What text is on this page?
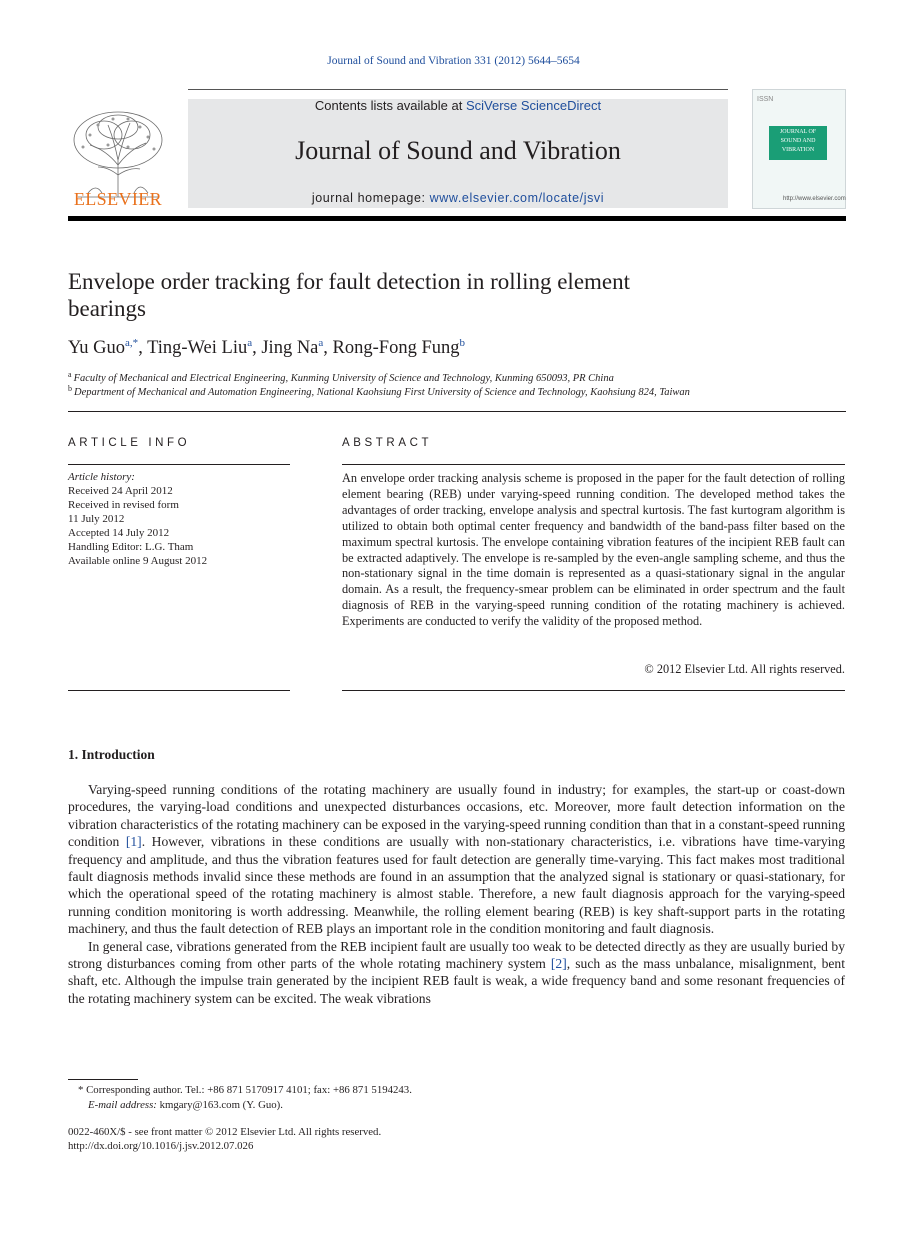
Journal of Sound and Vibration 331 (2012) 5644–5654
Contents lists available at SciVerse ScienceDirect
Journal of Sound and Vibration
journal homepage: www.elsevier.com/locate/jsvi
ELSEVIER
ISSN
JOURNAL OF
SOUND AND
VIBRATION
http://www.elsevier.com
Envelope order tracking for fault detection in rolling element bearings
Yu Guo$^{a,*}$, Ting-Wei Liu$^a$, Jing Na$^a$, Rong-Fong Fung$^b$
$^a$ Faculty of Mechanical and Electrical Engineering, Kunming University of Science and Technology, Kunming 650093, PR China
$^b$ Department of Mechanical and Automation Engineering, National Kaohsiung First University of Science and Technology, Kaohsiung 824, Taiwan
ARTICLE INFO
Article history:
Received 24 April 2012
Received in revised form
11 July 2012
Accepted 14 July 2012
Handling Editor: L.G. Tham
Available online 9 August 2012
ABSTRACT
An envelope order tracking analysis scheme is proposed in the paper for the fault detection of rolling element bearing (REB) under varying-speed running condition. The developed method takes the advantages of order tracking, envelope analysis and spectral kurtosis. The fast kurtogram algorithm is utilized to obtain both optimal center frequency and bandwidth of the band-pass filter based on the maximum spectral kurtosis. The envelope containing vibration features of the incipient REB fault can be extracted adaptively. The envelope is re-sampled by the even-angle sampling scheme, and thus the non-stationary signal in the time domain is represented as a quasi-stationary signal in the angular domain. As a result, the frequency-smear problem can be eliminated in order spectrum and the fault diagnosis of REB in the varying-speed running condition of the rotating machinery is achieved. Experiments are conducted to verify the validity of the proposed method.
© 2012 Elsevier Ltd. All rights reserved.
1. Introduction

Varying-speed running conditions of the rotating machinery are usually found in industry; for examples, the start-up or coast-down procedures, the varying-load conditions and unexpected disturbances occasions, etc. Moreover, more fault detection information on the vibration characteristics of the rotating machinery can be exposed in the varying-speed running condition than that in a constant-speed running condition [1]. However, vibrations in these conditions are usually with non-stationary characteristics, i.e. vibrations have time-varying frequency and amplitude, and thus the vibration features used for fault detection are generally time-varying. This fact makes most traditional fault diagnosis methods invalid since these methods are found in an assumption that the analyzed signal is stationary or quasi-stationary, for which the operational speed of the rotating machinery is almost stable. Therefore, a new fault diagnosis approach for the varying-speed running condition monitoring is worth addressing. Meanwhile, the rolling element bearing (REB) is key shaft-support parts in the rotating machinery, and thus the fault detection of REB plays an important role in the condition monitoring and fault diagnosis.

In general case, vibrations generated from the REB incipient fault are usually too weak to be detected directly as they are usually buried by strong disturbances coming from other parts of the whole rotating machinery system [2], such as the mass unbalance, misalignment, bent shaft, etc. Although the impulse train generated by the incipient REB fault is weak, a wide frequency band and some resonant frequencies of the rotating machinery system can be excited. The weak vibrations

* Corresponding author. Tel.: +86 871 5170917 4101; fax: +86 871 5194243.
E-mail address: kmgary@163.com (Y. Guo).
0022-460X/$ - see front matter © 2012 Elsevier Ltd. All rights reserved.
http://dx.doi.org/10.1016/j.jsv.2012.07.026
